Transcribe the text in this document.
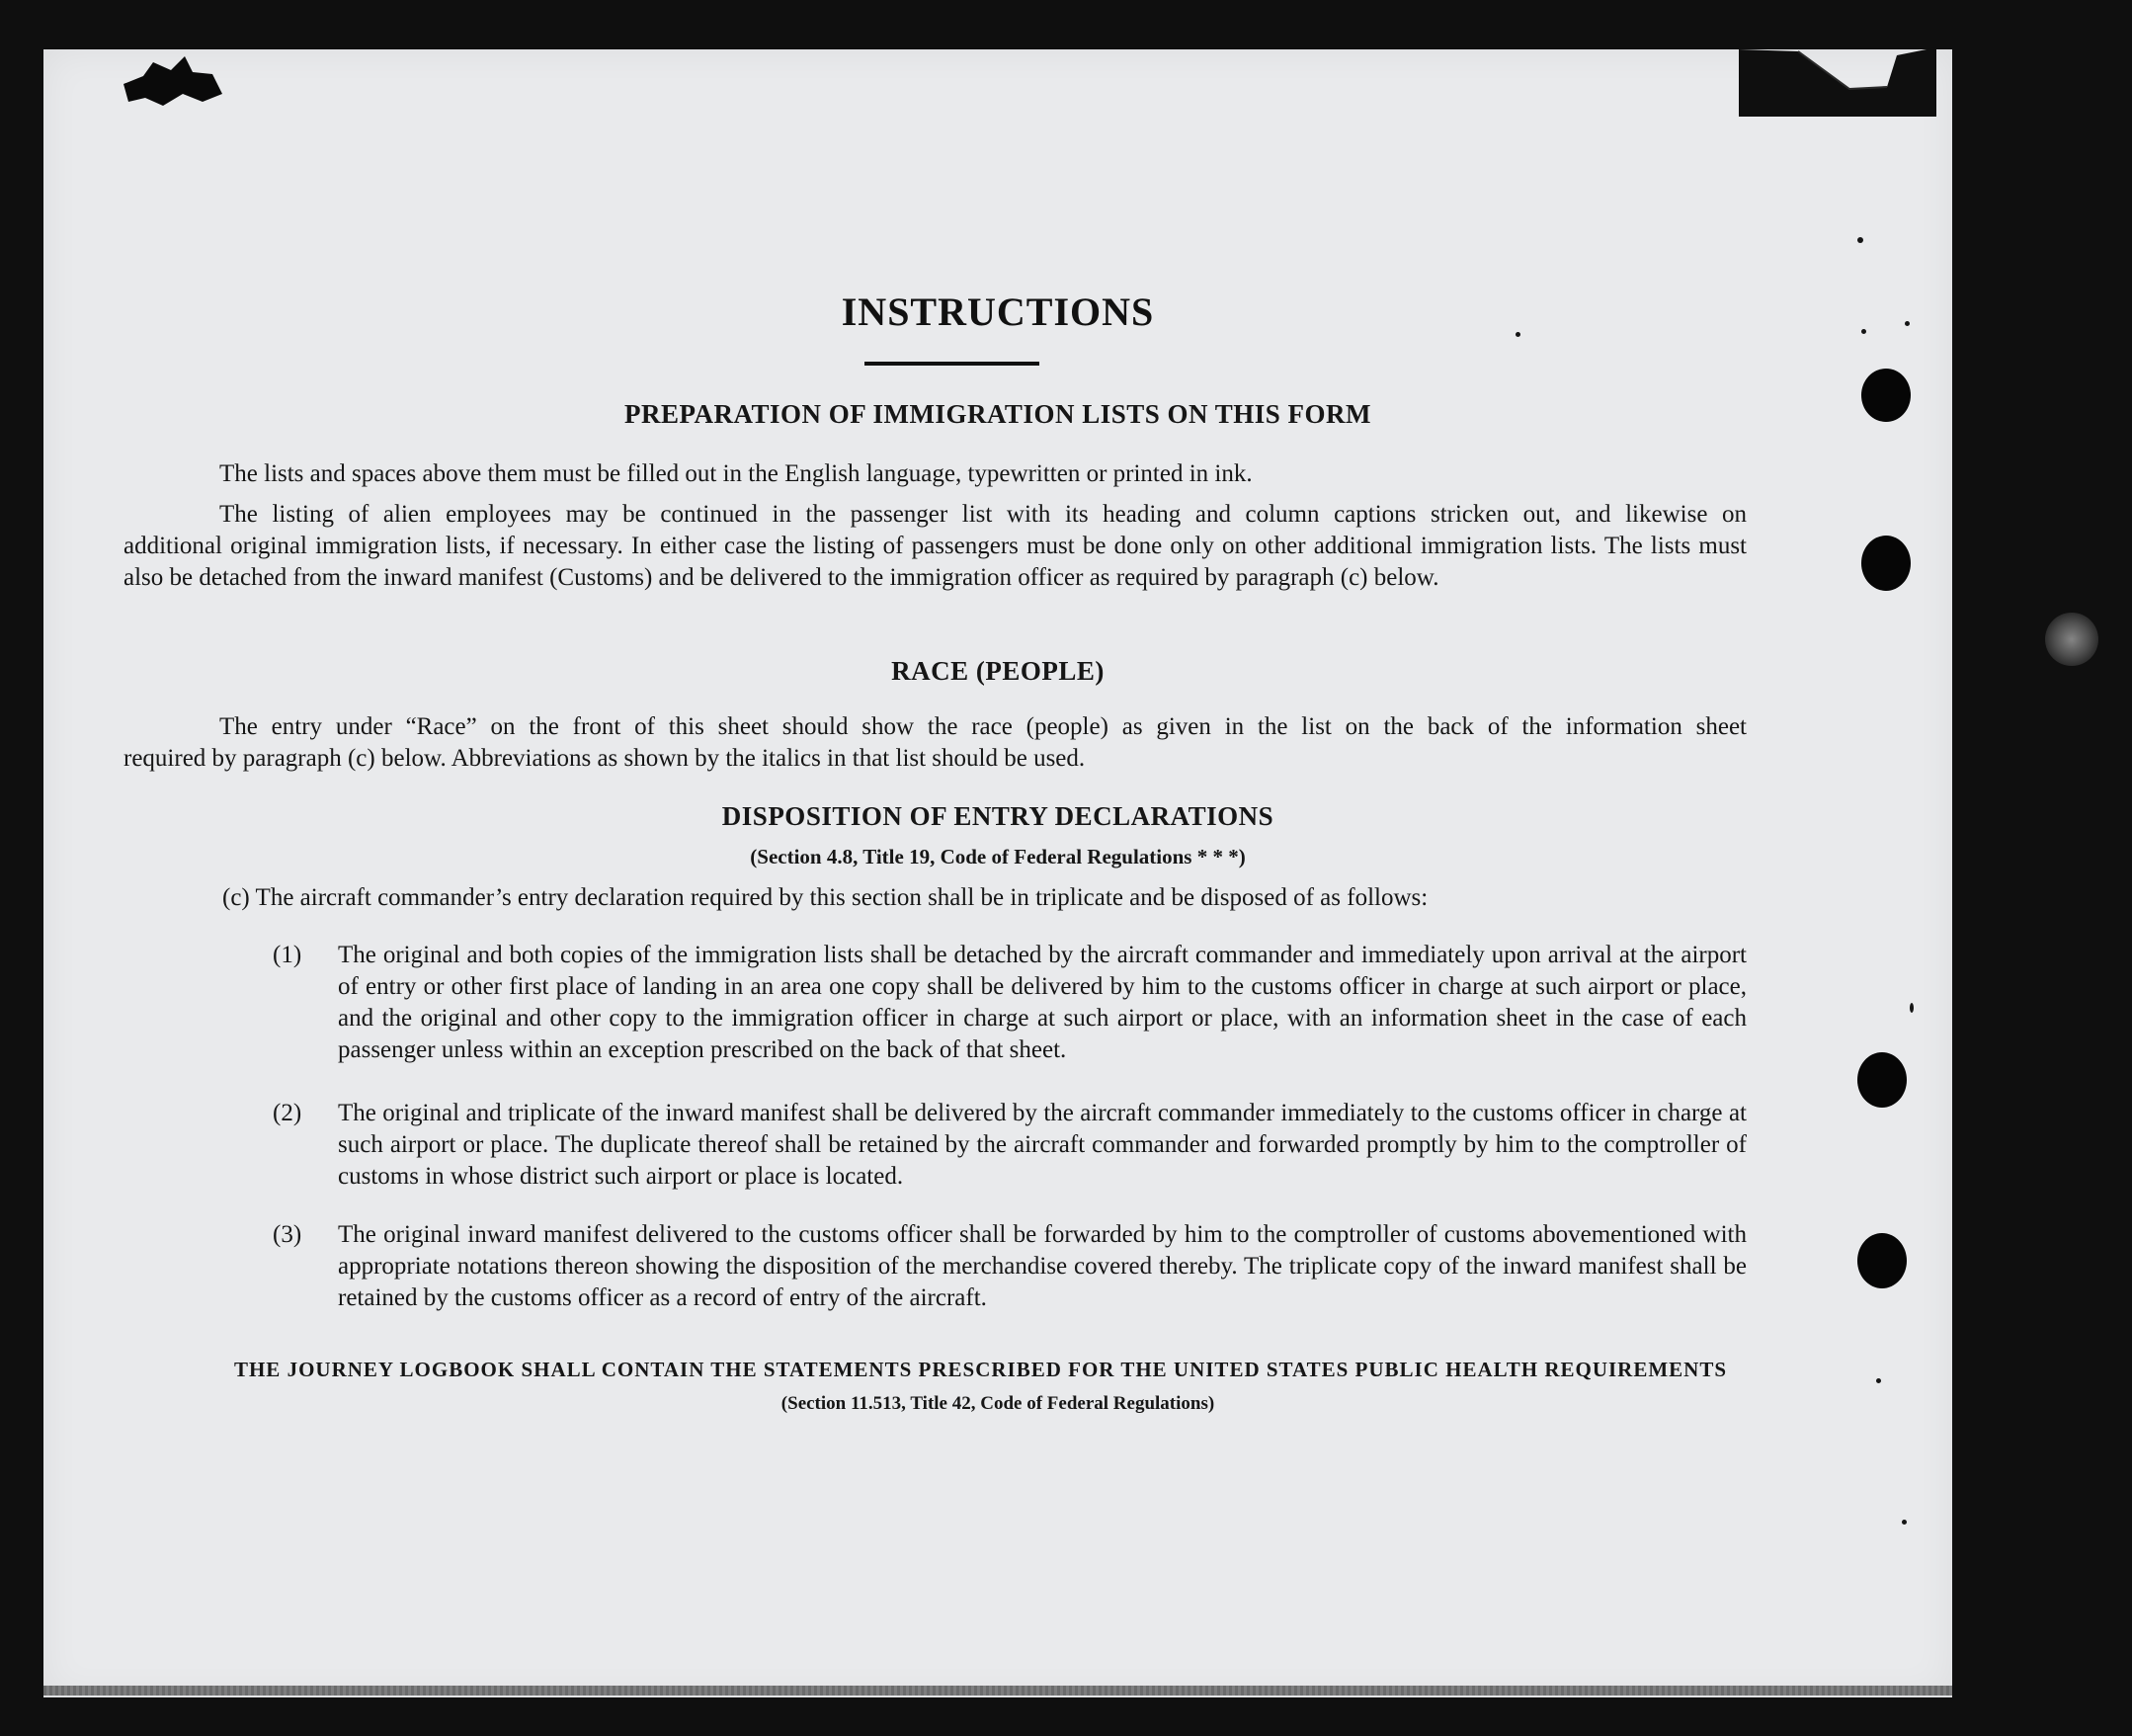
INSTRUCTIONS
PREPARATION OF IMMIGRATION LISTS ON THIS FORM
The lists and spaces above them must be filled out in the English language, typewritten or printed in ink.
The listing of alien employees may be continued in the passenger list with its heading and column captions stricken out, and likewise on
additional original immigration lists, if necessary. In either case the listing of passengers must be done only on other additional immigration lists. The lists must also be detached from the inward manifest (Customs) and be delivered to the immigration officer as required by paragraph (c) below.
RACE (PEOPLE)
The entry under “Race” on the front of this sheet should show the race (people) as given in the list on the back of the information sheet
required by paragraph (c) below. Abbreviations as shown by the italics in that list should be used.
DISPOSITION OF ENTRY DECLARATIONS
(Section 4.8, Title 19, Code of Federal Regulations * * *)
(c) The aircraft commander’s entry declaration required by this section shall be in triplicate and be disposed of as follows:
(1) The original and both copies of the immigration lists shall be detached by the aircraft commander and immediately upon arrival at the airport of entry or other first place of landing in an area one copy shall be delivered by him to the customs officer in charge at such airport or place, and the original and other copy to the immigration officer in charge at such airport or place, with an information sheet in the case of each passenger unless within an exception prescribed on the back of that sheet.
(2) The original and triplicate of the inward manifest shall be delivered by the aircraft commander immediately to the customs officer in charge at such airport or place. The duplicate thereof shall be retained by the aircraft commander and forwarded promptly by him to the comptroller of customs in whose district such airport or place is located.
(3) The original inward manifest delivered to the customs officer shall be forwarded by him to the comptroller of customs abovementioned with appropriate notations thereon showing the disposition of the merchandise covered thereby. The triplicate copy of the inward manifest shall be retained by the customs officer as a record of entry of the aircraft.
THE JOURNEY LOGBOOK SHALL CONTAIN THE STATEMENTS PRESCRIBED FOR THE UNITED STATES PUBLIC HEALTH REQUIREMENTS
(Section 11.513, Title 42, Code of Federal Regulations)
